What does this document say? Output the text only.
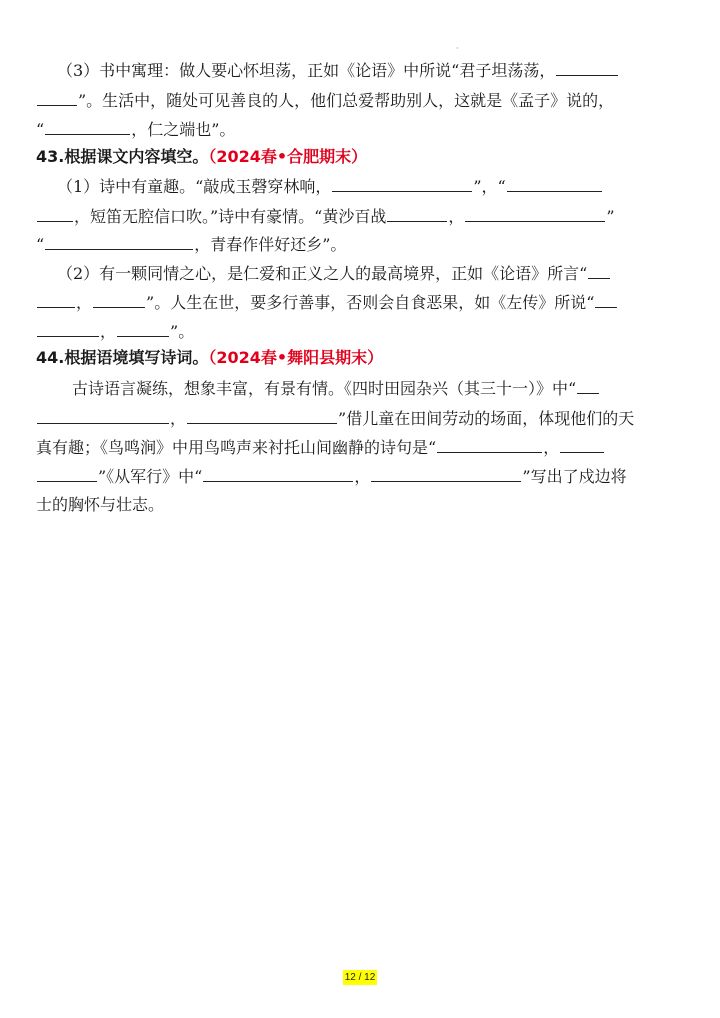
·
（3）书中寓理：做人要心怀坦荡，正如《论语》中所说“君子坦荡荡，
”。生活中，随处可见善良的人，他们总爱帮助别人，这就是《孟子》说的，
“	，仁之端也”。
43.根据课文内容填空。（2024春•合肥期末）
（1）诗中有童趣。“敲成玉磬穿林响，	”，“
，短笛无腔信口吹。”诗中有豪情。“黄沙百战	，	”
“	，青春作伴好还乡”。
（2）有一颗同情之心，是仁爱和正义之人的最高境界，正如《论语》所言“
，	”。人生在世，要多行善事，否则会自食恶果，如《左传》所说“
，	”。
44.根据语境填写诗词。（2024春•舞阳县期末）
古诗语言凝练，想象丰富，有景有情。《四时田园杂兴（其三十一）》中“
，	”借儿童在田间劳动的场面，体现他们的天
真有趣；《鸟鸣涧》中用鸟鸣声来衬托山间幽静的诗句是“	，
”《从军行》中“	，	”写出了戍边将
士的胸怀与壮志。
12 / 12
